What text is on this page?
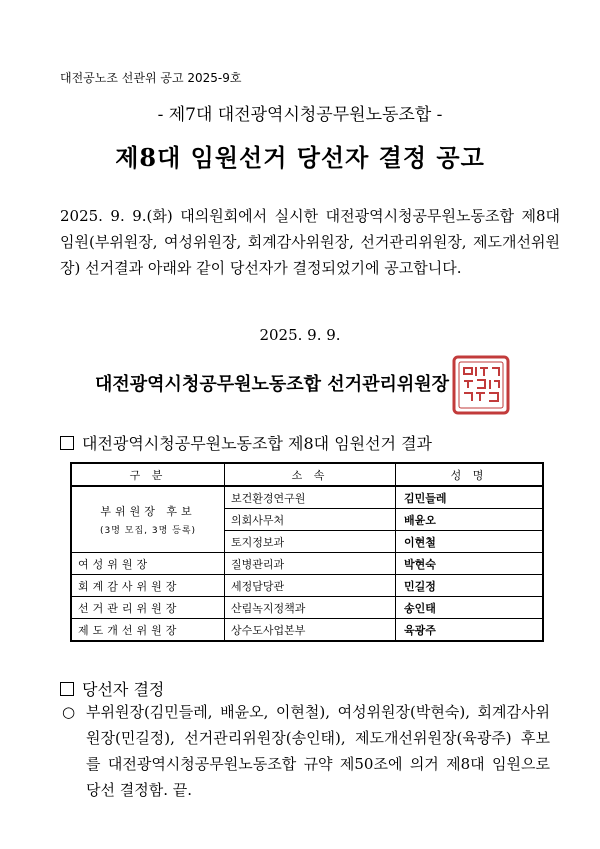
대전공노조 선관위 공고 2025-9호
- 제7대 대전광역시청공무원노동조합 -
제8대 임원선거 당선자 결정 공고
2025. 9. 9.(화) 대의원회에서 실시한 대전광역시청공무원노동조합 제8대 임원(부위원장, 여성위원장, 회계감사위원장, 선거관리위원장, 제도개선위원장) 선거결과 아래와 같이 당선자가 결정되었기에 공고합니다.
2025. 9. 9.
대전광역시청공무원노동조합 선거관리위원장
대전광역시청공무원노동조합 제8대 임원선거 결과
구 분	소 속	성 명
부위원장 후보
(3명 모집, 3명 등록)	보건환경연구원	김민들레
	의회사무처	배윤오
	토지정보과	이현철
여성위원장	질병관리과	박현숙
회계감사위원장	세정담당관	민길정
선거관리위원장	산림녹지정책과	송인태
제도개선위원장	상수도사업본부	육광주
당선자 결정
○ 부위원장(김민들레, 배윤오, 이현철), 여성위원장(박현숙), 회계감사위원장(민길정), 선거관리위원장(송인태), 제도개선위원장(육광주) 후보를 대전광역시청공무원노동조합 규약 제50조에 의거 제8대 임원으로 당선 결정함. 끝.
